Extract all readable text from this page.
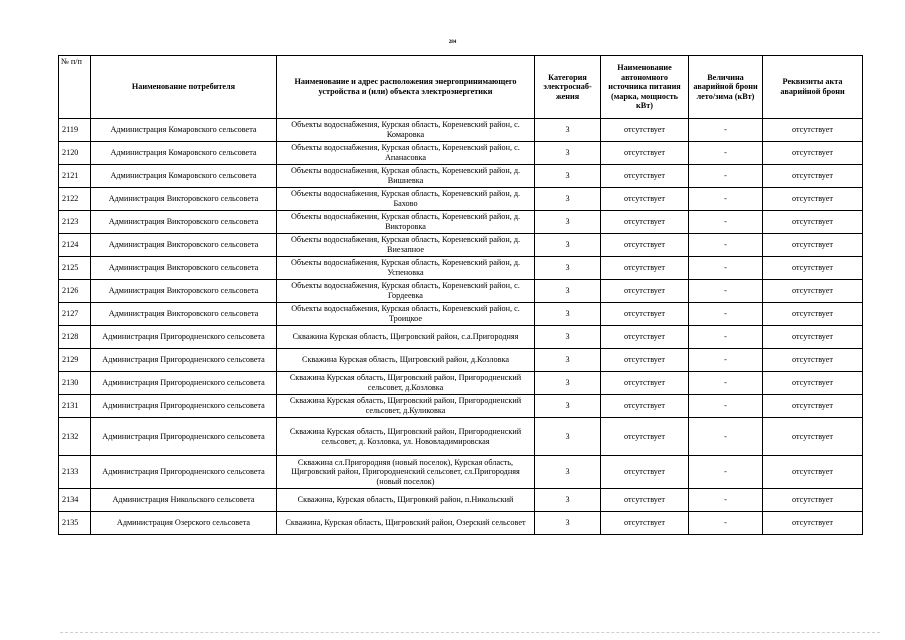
284
№ п/п	Наименование потребителя	Наименование и адрес расположения энергопринимающего устройства и (или) объекта электроэнергетики	Категория электроснаб- жения	Наименование автономного источника питания (марка, мощность кВт)	Величина аварийной брони лето/зима (кВт)	Реквизиты акта аварийной брони
2119	Администрация Комаровского сельсовета	Объекты водоснабжения, Курская область, Кореневский район, с. Комаровка	3	отсутствует	-	отсутствует
2120	Администрация Комаровского сельсовета	Объекты водоснабжения, Курская область, Кореневский район, с. Апанасовка	3	отсутствует	-	отсутствует
2121	Администрация Комаровского сельсовета	Объекты водоснабжения, Курская область, Кореневский район, д. Вишневка	3	отсутствует	-	отсутствует
2122	Администрация Викторовского сельсовета	Объекты водоснабжения, Курская область, Кореневский район, д. Бахово	3	отсутствует	-	отсутствует
2123	Администрация Викторовского сельсовета	Объекты водоснабжения, Курская область, Кореневский район, д. Викторовка	3	отсутствует	-	отсутствует
2124	Администрация Викторовского сельсовета	Объекты водоснабжения, Курская область, Кореневский район, д. Виезапное	3	отсутствует	-	отсутствует
2125	Администрация Викторовского сельсовета	Объекты водоснабжения, Курская область, Кореневский район, д. Успеновка	3	отсутствует	-	отсутствует
2126	Администрация Викторовского сельсовета	Объекты водоснабжения, Курская область, Кореневский район, с. Гордеевка	3	отсутствует	-	отсутствует
2127	Администрация Викторовского сельсовета	Объекты водоснабжения, Курская область, Кореневский район, с. Троицкое	3	отсутствует	-	отсутствует
2128	Администрация Пригородненского сельсовета	Скважина Курская область, Щигровский район, с.а.Пригородняя	3	отсутствует	-	отсутствует
2129	Администрация Пригородненского сельсовета	Скважина Курская область, Щигровский район, д.Козловка	3	отсутствует	-	отсутствует
2130	Администрация Пригородненского сельсовета	Скважина Курская область, Щигровский район, Пригородненский сельсовет, д.Козловка	3	отсутствует	-	отсутствует
2131	Администрация Пригородненского сельсовета	Скважина Курская область, Щигровский район, Пригородненский сельсовет, д.Куликовка	3	отсутствует	-	отсутствует
2132	Администрация Пригородненского сельсовета	Скважина Курская область, Щигровский район, Пригородненский сельсовет, д. Козловка, ул. Нововладимировская	3	отсутствует	-	отсутствует
2133	Администрация Пригородненского сельсовета	Скважина сл.Пригородняя (новый поселок), Курская область, Щигровский район, Пригородненский сельсовет, сл.Пригородняя (новый поселок)	3	отсутствует	-	отсутствует
2134	Администрация Никольского сельсовета	Скважина, Курская область, Щигровкий район, п.Никольский	3	отсутствует	-	отсутствует
2135	Администрация Озерского сельсовета	Скважина, Курская область, Щигровский район, Озерский сельсовет	3	отсутствует	-	отсутствует
